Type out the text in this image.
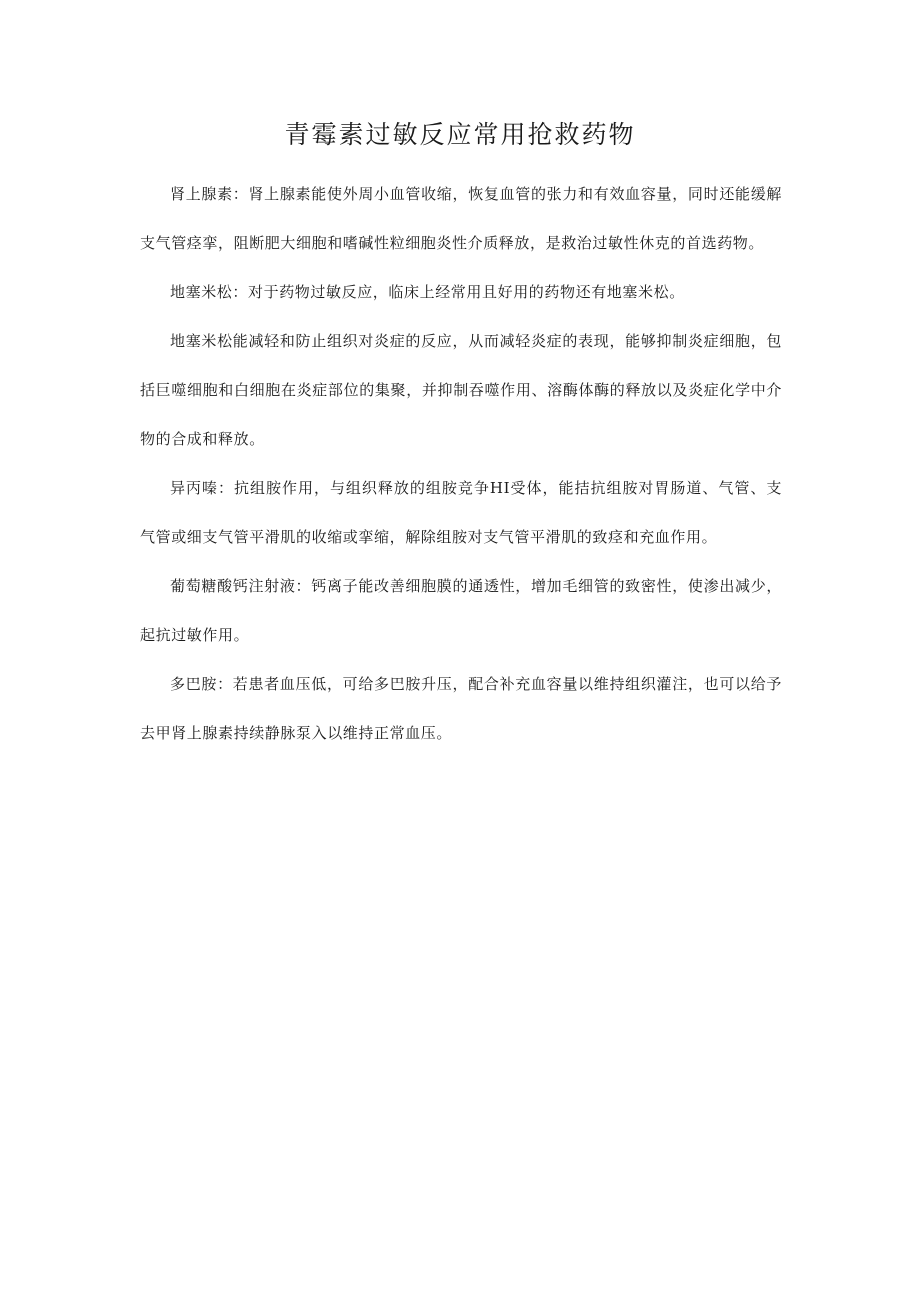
青霉素过敏反应常用抢救药物

肾上腺素：肾上腺素能使外周小血管收缩，恢复血管的张力和有效血容量，同时还能缓解支气管痉挛，阻断肥大细胞和嗜碱性粒细胞炎性介质释放，是救治过敏性休克的首选药物。

地塞米松：对于药物过敏反应，临床上经常用且好用的药物还有地塞米松。

地塞米松能减轻和防止组织对炎症的反应，从而减轻炎症的表现，能够抑制炎症细胞，包括巨噬细胞和白细胞在炎症部位的集聚，并抑制吞噬作用、溶酶体酶的释放以及炎症化学中介物的合成和释放。

异丙嗪：抗组胺作用，与组织释放的组胺竞争HI受体，能拮抗组胺对胃肠道、气管、支气管或细支气管平滑肌的收缩或挛缩，解除组胺对支气管平滑肌的致痉和充血作用。

葡萄糖酸钙注射液：钙离子能改善细胞膜的通透性，增加毛细管的致密性，使渗出减少，起抗过敏作用。

多巴胺：若患者血压低，可给多巴胺升压，配合补充血容量以维持组织灌注，也可以给予去甲肾上腺素持续静脉泵入以维持正常血压。
